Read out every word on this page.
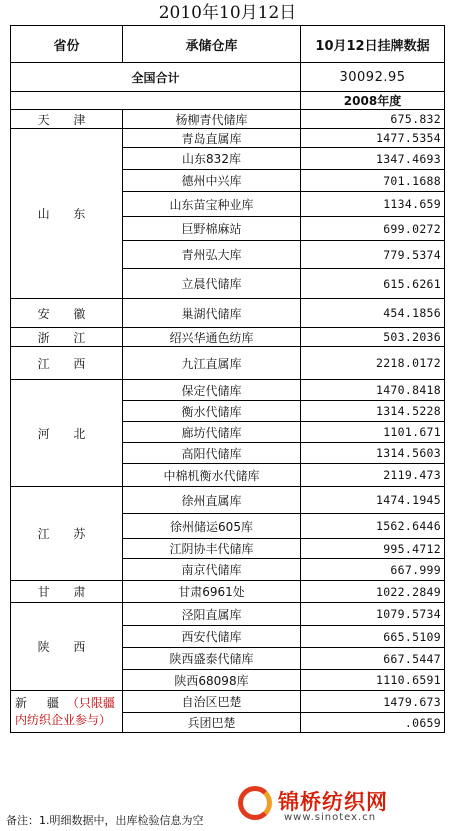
2010年10月12日
省份	承储仓库	10月12日挂牌数据
全国合计		30092.95
		2008年度
天 津	杨柳青代储库	675.832
山 东	青岛直属库	1477.5354
	山东832库	1347.4693
	德州中兴库	701.1688
	山东苗宝种业库	1134.659
	巨野棉麻站	699.0272
	青州弘大库	779.5374
	立晨代储库	615.6261
安 徽	巢湖代储库	454.1856
浙 江	绍兴华通色纺库	503.2036
江 西	九江直属库	2218.0172
河 北	保定代储库	1470.8418
	衡水代储库	1314.5228
	廊坊代储库	1101.671
	高阳代储库	1314.5603
	中棉机衡水代储库	2119.473
江 苏	徐州直属库	1474.1945
	徐州储运605库	1562.6446
	江阴协丰代储库	995.4712
	南京代储库	667.999
甘 肃	甘肃6961处	1022.2849
陕 西	泾阳直属库	1079.5734
	西安代储库	665.5109
	陕西盛泰代储库	667.5447
	陕西68098库	1110.6591
新 疆（只限疆内纺织企业参与）	自治区巴楚	1479.673
	兵团巴楚	.0659
备注：1.明细数据中，出库检验信息为空
锦桥纺织网
www.sinotex.cn
